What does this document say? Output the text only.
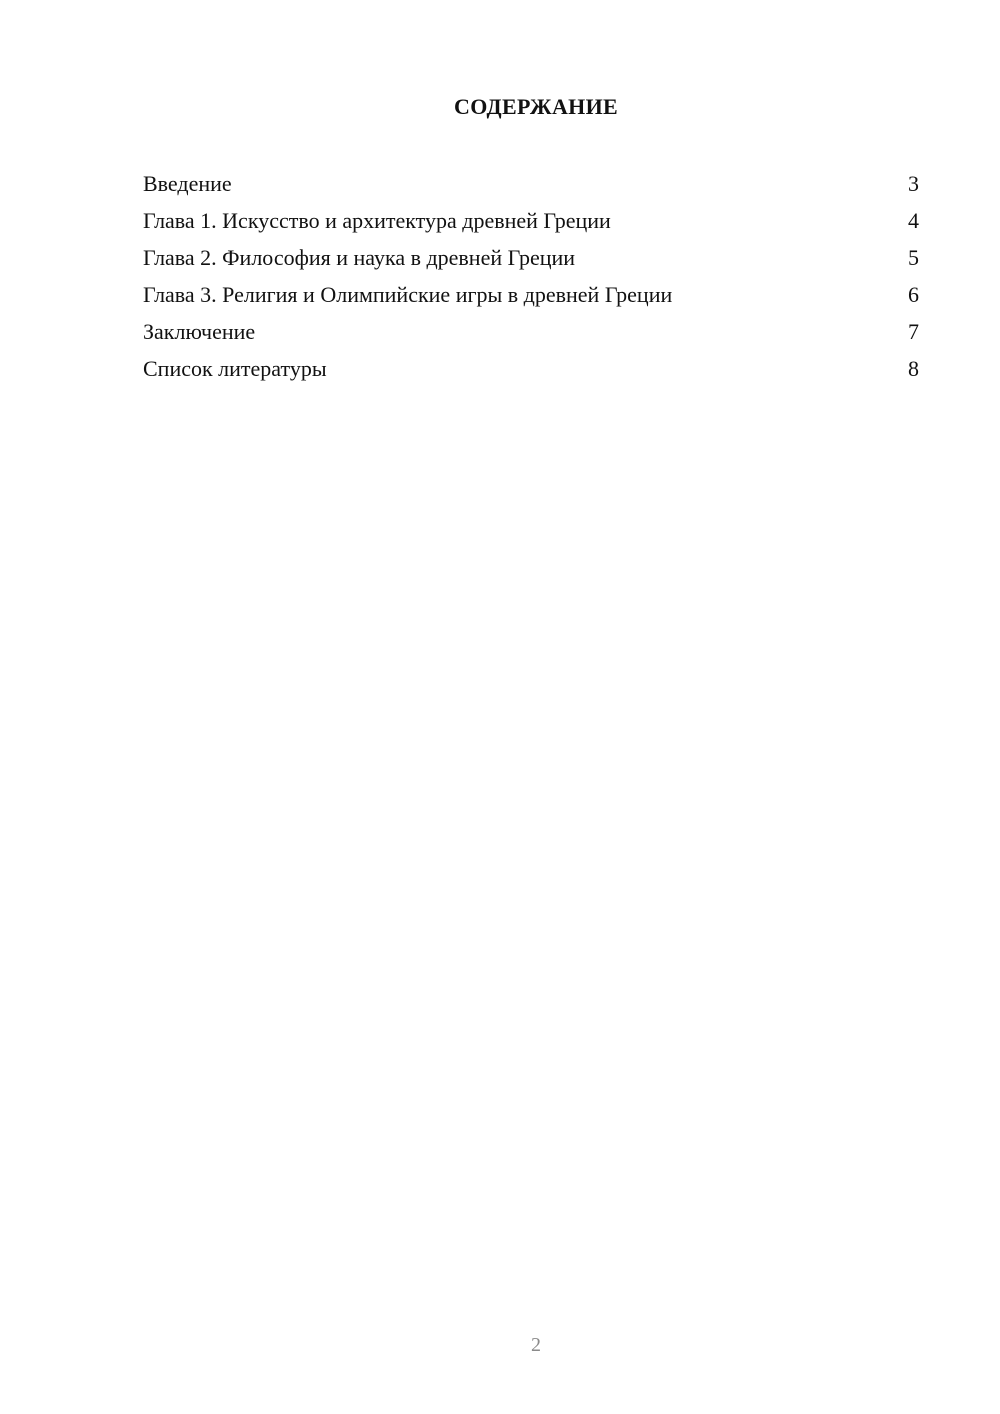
СОДЕРЖАНИЕ
Введение	3
Глава 1. Искусство и архитектура древней Греции	4
Глава 2. Философия и наука в древней Греции	5
Глава 3. Религия и Олимпийские игры в древней Греции	6
Заключение	7
Список литературы	8
2
